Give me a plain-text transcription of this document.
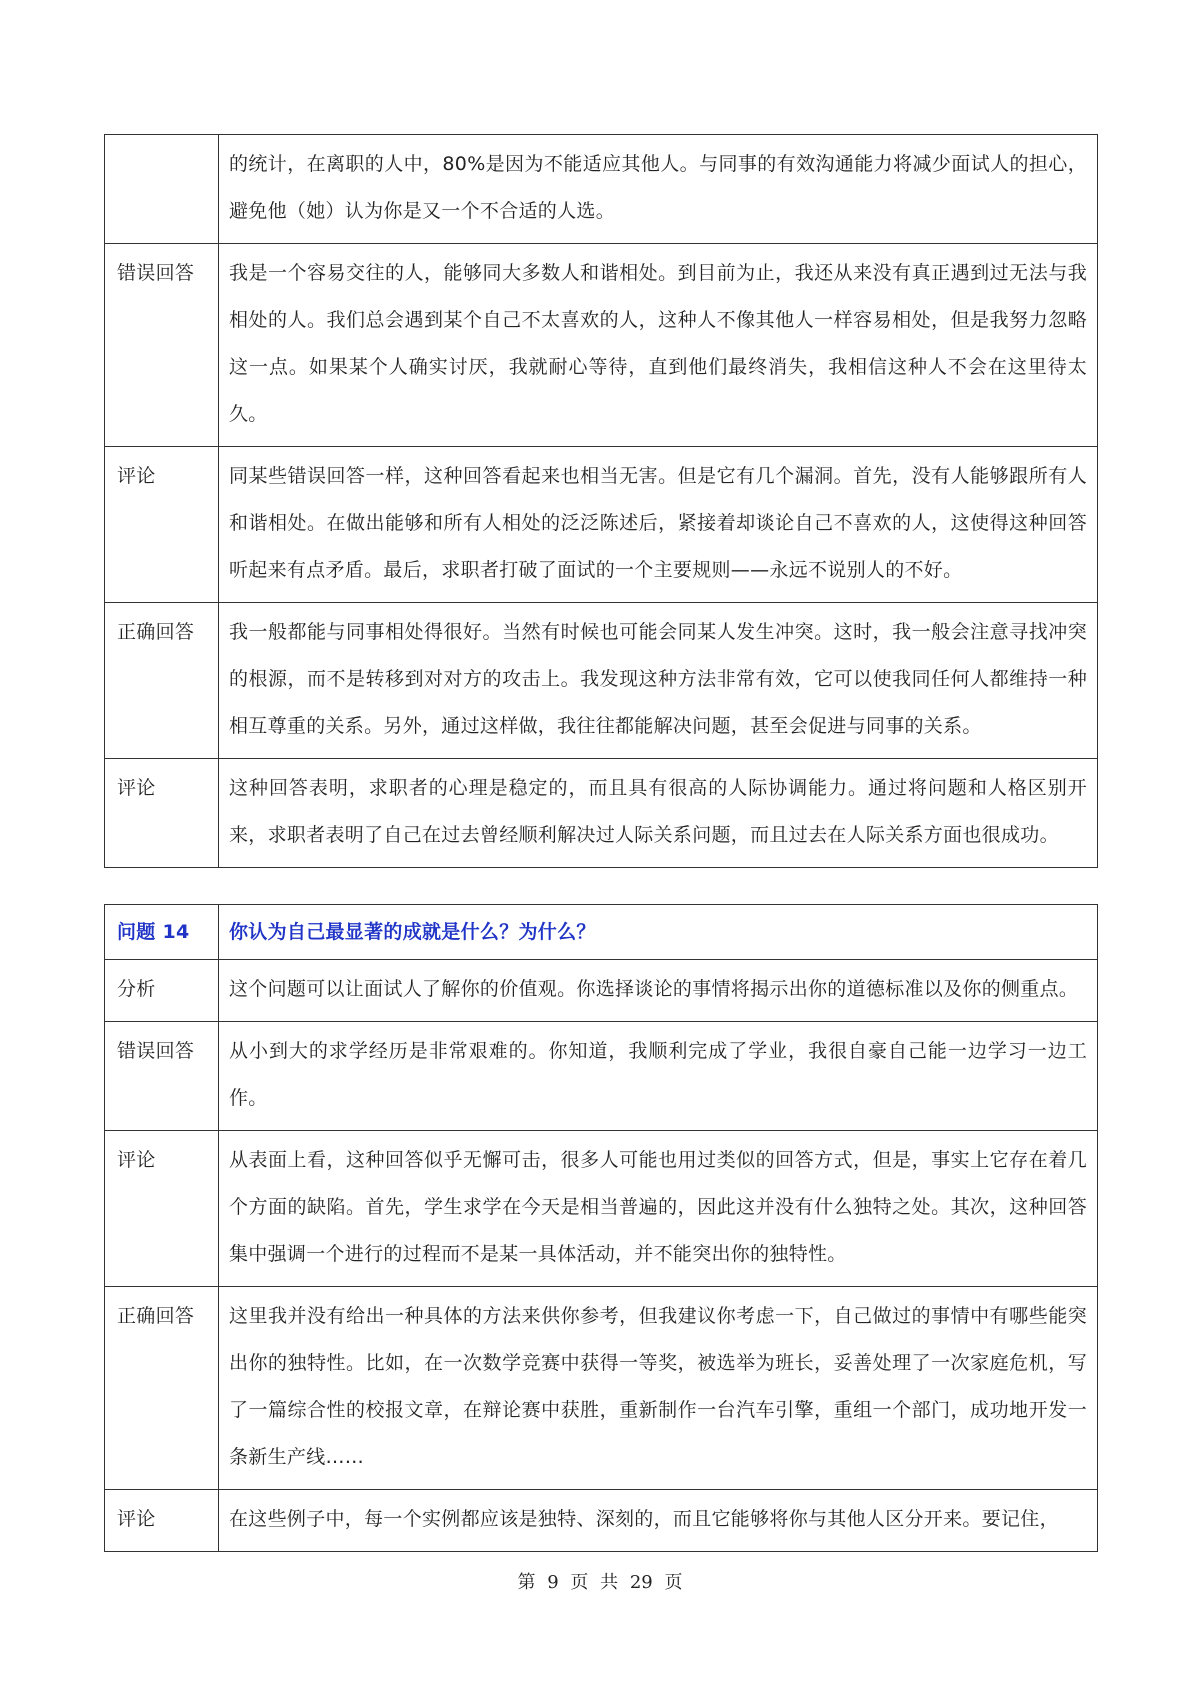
	的统计，在离职的人中，80%是因为不能适应其他人。与同事的有效沟通能力将减少面试人的担心，避免他（她）认为你是又一个不合适的人选。
错误回答	我是一个容易交往的人，能够同大多数人和谐相处。到目前为止，我还从来没有真正遇到过无法与我相处的人。我们总会遇到某个自己不太喜欢的人，这种人不像其他人一样容易相处，但是我努力忽略这一点。如果某个人确实讨厌，我就耐心等待，直到他们最终消失，我相信这种人不会在这里待太久。
评论	同某些错误回答一样，这种回答看起来也相当无害。但是它有几个漏洞。首先，没有人能够跟所有人和谐相处。在做出能够和所有人相处的泛泛陈述后，紧接着却谈论自己不喜欢的人，这使得这种回答听起来有点矛盾。最后，求职者打破了面试的一个主要规则——永远不说别人的不好。
正确回答	我一般都能与同事相处得很好。当然有时候也可能会同某人发生冲突。这时，我一般会注意寻找冲突的根源，而不是转移到对对方的攻击上。我发现这种方法非常有效，它可以使我同任何人都维持一种相互尊重的关系。另外，通过这样做，我往往都能解决问题，甚至会促进与同事的关系。
评论	这种回答表明，求职者的心理是稳定的，而且具有很高的人际协调能力。通过将问题和人格区别开来，求职者表明了自己在过去曾经顺利解决过人际关系问题，而且过去在人际关系方面也很成功。
问题 14	你认为自己最显著的成就是什么？为什么？
分析	这个问题可以让面试人了解你的价值观。你选择谈论的事情将揭示出你的道德标准以及你的侧重点。
错误回答	从小到大的求学经历是非常艰难的。你知道，我顺利完成了学业，我很自豪自己能一边学习一边工作。
评论	从表面上看，这种回答似乎无懈可击，很多人可能也用过类似的回答方式，但是，事实上它存在着几个方面的缺陷。首先，学生求学在今天是相当普遍的，因此这并没有什么独特之处。其次，这种回答集中强调一个进行的过程而不是某一具体活动，并不能突出你的独特性。
正确回答	这里我并没有给出一种具体的方法来供你参考，但我建议你考虑一下，自己做过的事情中有哪些能突出你的独特性。比如，在一次数学竞赛中获得一等奖，被选举为班长，妥善处理了一次家庭危机，写了一篇综合性的校报文章，在辩论赛中获胜，重新制作一台汽车引擎，重组一个部门，成功地开发一条新生产线……
评论	在这些例子中，每一个实例都应该是独特、深刻的，而且它能够将你与其他人区分开来。要记住，
第 9 页 共 29 页
